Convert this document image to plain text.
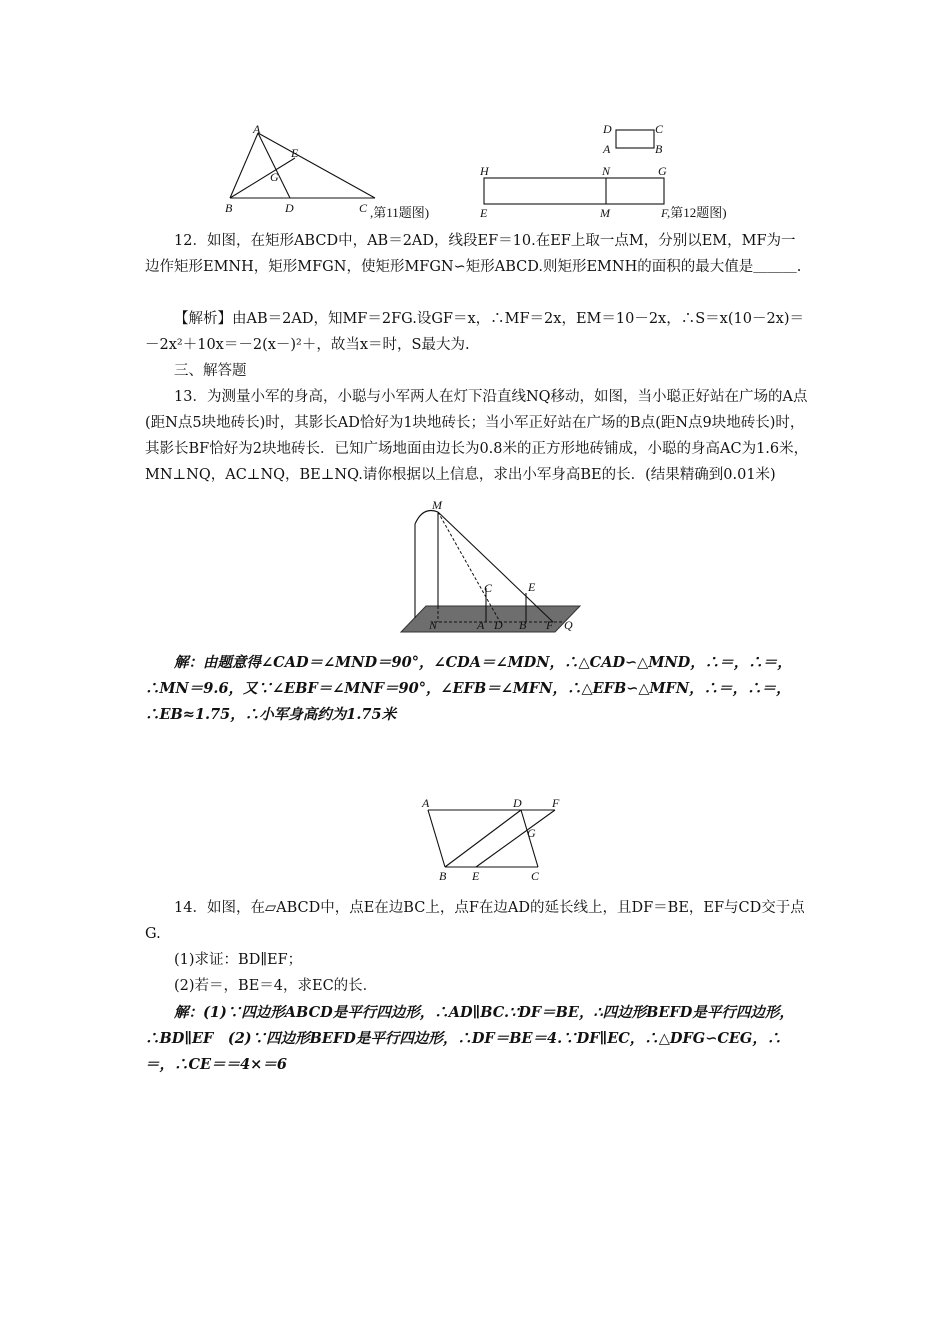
A
E
G
B	D	C ,第11题图)
D	C
A	B
H	N	G
E	M	F
,第12题图)

12．如图，在矩形ABCD中，AB＝2AD，线段EF＝10.在EF上取一点M，分别以EM，MF为一边作矩形EMNH，矩形MFGN，使矩形MFGN∽矩形ABCD.则矩形EMNH的面积的最大值是＿＿＿.

【解析】由AB＝2AD，知MF＝2FG.设GF＝x，∴MF＝2x，EM＝10－2x，∴S＝x(10－2x)＝－2x²＋10x＝－2(x－)²＋，故当x＝时，S最大为.

三、解答题

13．为测量小军的身高，小聪与小军两人在灯下沿直线NQ移动，如图，当小聪正好站在广场的A点(距N点5块地砖长)时，其影长AD恰好为1块地砖长；当小军正好站在广场的B点(距N点9块地砖长)时，其影长BF恰好为2块地砖长．已知广场地面由边长为0.8米的正方形地砖铺成，小聪的身高AC为1.6米，MN⊥NQ，AC⊥NQ，BE⊥NQ.请你根据以上信息，求出小军身高BE的长．(结果精确到0.01米)

M
C	E
N	A D B F Q

解：由题意得∠CAD＝∠MND＝90°，∠CDA＝∠MDN，∴△CAD∽△MND，∴＝，∴＝，∴MN＝9.6，又∵∠EBF＝∠MNF＝90°，∠EFB＝∠MFN，∴△EFB∽△MFN，∴＝，∴＝，∴EB≈1.75，∴小军身高约为1.75米

A	D	F
G
B E	C

14．如图，在▱ABCD中，点E在边BC上，点F在边AD的延长线上，且DF＝BE，EF与CD交于点G.

(1)求证：BD∥EF；

(2)若＝，BE＝4，求EC的长．

解：(1)∵四边形ABCD是平行四边形，∴AD∥BC.∵DF＝BE，∴四边形BEFD是平行四边形，∴BD∥EF　(2)∵四边形BEFD是平行四边形，∴DF＝BE＝4.∵DF∥EC，∴△DFG∽CEG，∴＝，∴CE＝＝4×＝6
